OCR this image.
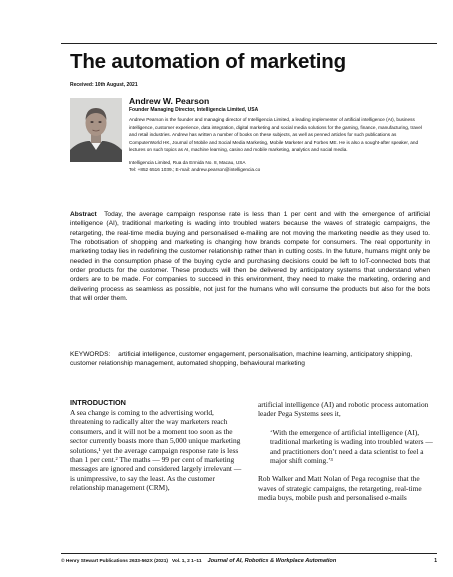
The automation of marketing
Received: 10th August, 2021

Andrew W. Pearson

Founder Managing Director, Intelligencia Limited, USA

Andrew Pearson is the founder and managing director of Intelligencia Limited, a leading implementer of artificial intelligence (AI), business intelligence, customer experience, data integration, digital marketing and social media solutions for the gaming, finance, manufacturing, travel and retail industries. Andrew has written a number of books on these subjects, as well as penned articles for such publications as ComputerWorld HK, Journal of Mobile and Social Media Marketing, Mobile Marketer and Forbes ME. He is also a sought-after speaker, and lectures on such topics as AI, machine learning, casino and mobile marketing, analytics and social media.

Intelligencia Limited, Rua da Ermida No. 8, Macau, USA
Tel: +852 6516 1039.; E-mail: andrew.pearson@intelligencia.co

Abstract Today, the average campaign response rate is less than 1 per cent and with the emergence of artificial intelligence (AI), traditional marketing is wading into troubled waters because the waves of strategic campaigns, the retargeting, the real-time media buying and personalised e-mailing are not moving the marketing needle as they used to. The robotisation of shopping and marketing is changing how brands compete for consumers. The real opportunity in marketing today lies in redefining the customer relationship rather than in cutting costs. In the future, humans might only be needed in the consumption phase of the buying cycle and purchasing decisions could be left to IoT-connected bots that order products for the customer. These products will then be delivered by anticipatory systems that understand when orders are to be made. For companies to succeed in this environment, they need to make the marketing, ordering and delivering process as seamless as possible, not just for the humans who will consume the products but also for the bots that will order them.

KEYWORDS: artificial intelligence, customer engagement, personalisation, machine learning, anticipatory shipping, customer relationship management, automated shopping, behavioural marketing

INTRODUCTION

A sea change is coming to the advertising world, threatening to radically alter the way marketers reach consumers, and it will not be a moment too soon as the sector currently boasts more than 5,000 unique marketing solutions,¹ yet the average campaign response rate is less than 1 per cent.² The maths — 99 per cent of marketing messages are ignored and considered largely irrelevant — is unimpressive, to say the least. As the customer relationship management (CRM),

artificial intelligence (AI) and robotic process automation leader Pega Systems sees it,

‘With the emergence of artificial intelligence (AI), traditional marketing is wading into troubled waters — and practitioners don’t need a data scientist to feel a major shift coming.’³

Rob Walker and Matt Nolan of Pega recognise that the waves of strategic campaigns, the retargeting, real-time media buys, mobile push and personalised e-mails

© Henry Stewart Publications 2633-562X (2021) Vol. 1, 2 1–11 Journal of AI, Robotics & Workplace Automation	1
